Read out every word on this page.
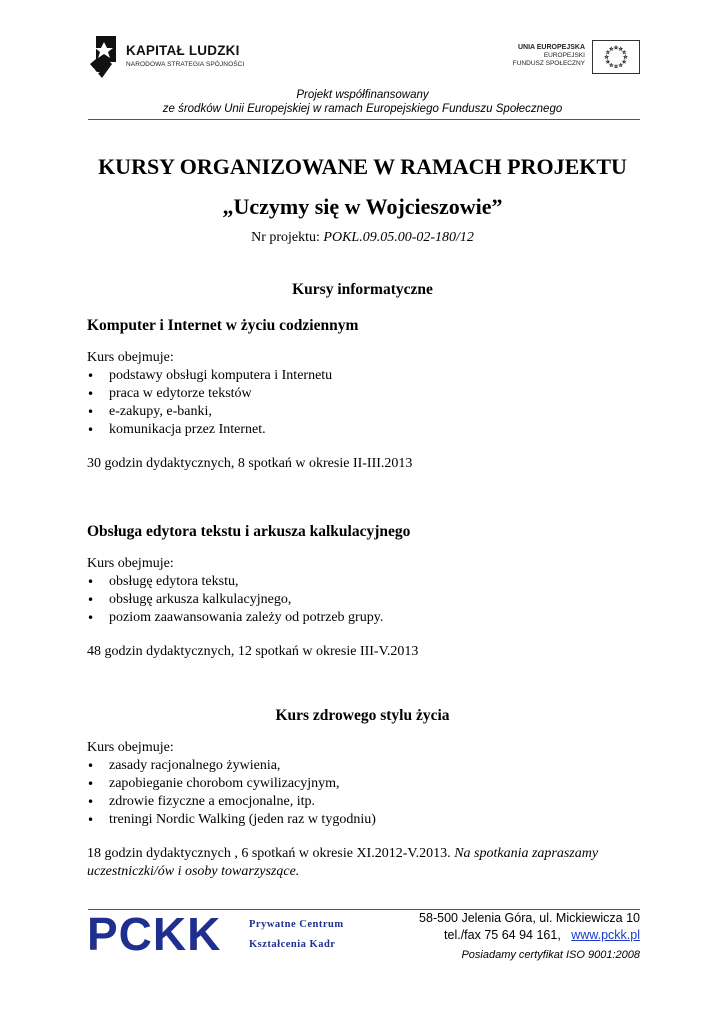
KAPITAŁ LUDZKI
NARODOWA STRATEGIA SPÓJNOŚCI
UNIA EUROPEJSKA
EUROPEJSKI
FUNDUSZ SPOŁECZNY
Projekt współfinansowany
ze środków Unii Europejskiej w ramach Europejskiego Funduszu Społecznego
KURSY ORGANIZOWANE W RAMACH PROJEKTU
„Uczymy się w Wojcieszowie”
Nr projektu: POKL.09.05.00-02-180/12
Kursy informatyczne
Komputer i Internet w życiu codziennym
Kurs obejmuje:
• podstawy obsługi komputera i Internetu
• praca w edytorze tekstów
• e-zakupy, e-banki,
• komunikacja przez Internet.
30 godzin dydaktycznych, 8 spotkań w okresie II-III.2013
Obsługa edytora tekstu i arkusza kalkulacyjnego
Kurs obejmuje:
• obsługę edytora tekstu,
• obsługę arkusza kalkulacyjnego,
• poziom zaawansowania zależy od potrzeb grupy.
48 godzin dydaktycznych, 12 spotkań w okresie III-V.2013
Kurs zdrowego stylu życia
Kurs obejmuje:
• zasady racjonalnego żywienia,
• zapobieganie chorobom cywilizacyjnym,
• zdrowie fizyczne a emocjonalne, itp.
• treningi Nordic Walking (jeden raz w tygodniu)
18 godzin dydaktycznych , 6 spotkań w okresie XI.2012-V.2013. Na spotkania zapraszamy uczestniczki/ów i osoby towarzyszące.
PCKK	Prywatne Centrum
Kształcenia Kadr
58-500 Jelenia Góra, ul. Mickiewicza 10
tel./fax 75 64 94 161, www.pckk.pl
Posiadamy certyfikat ISO 9001:2008
